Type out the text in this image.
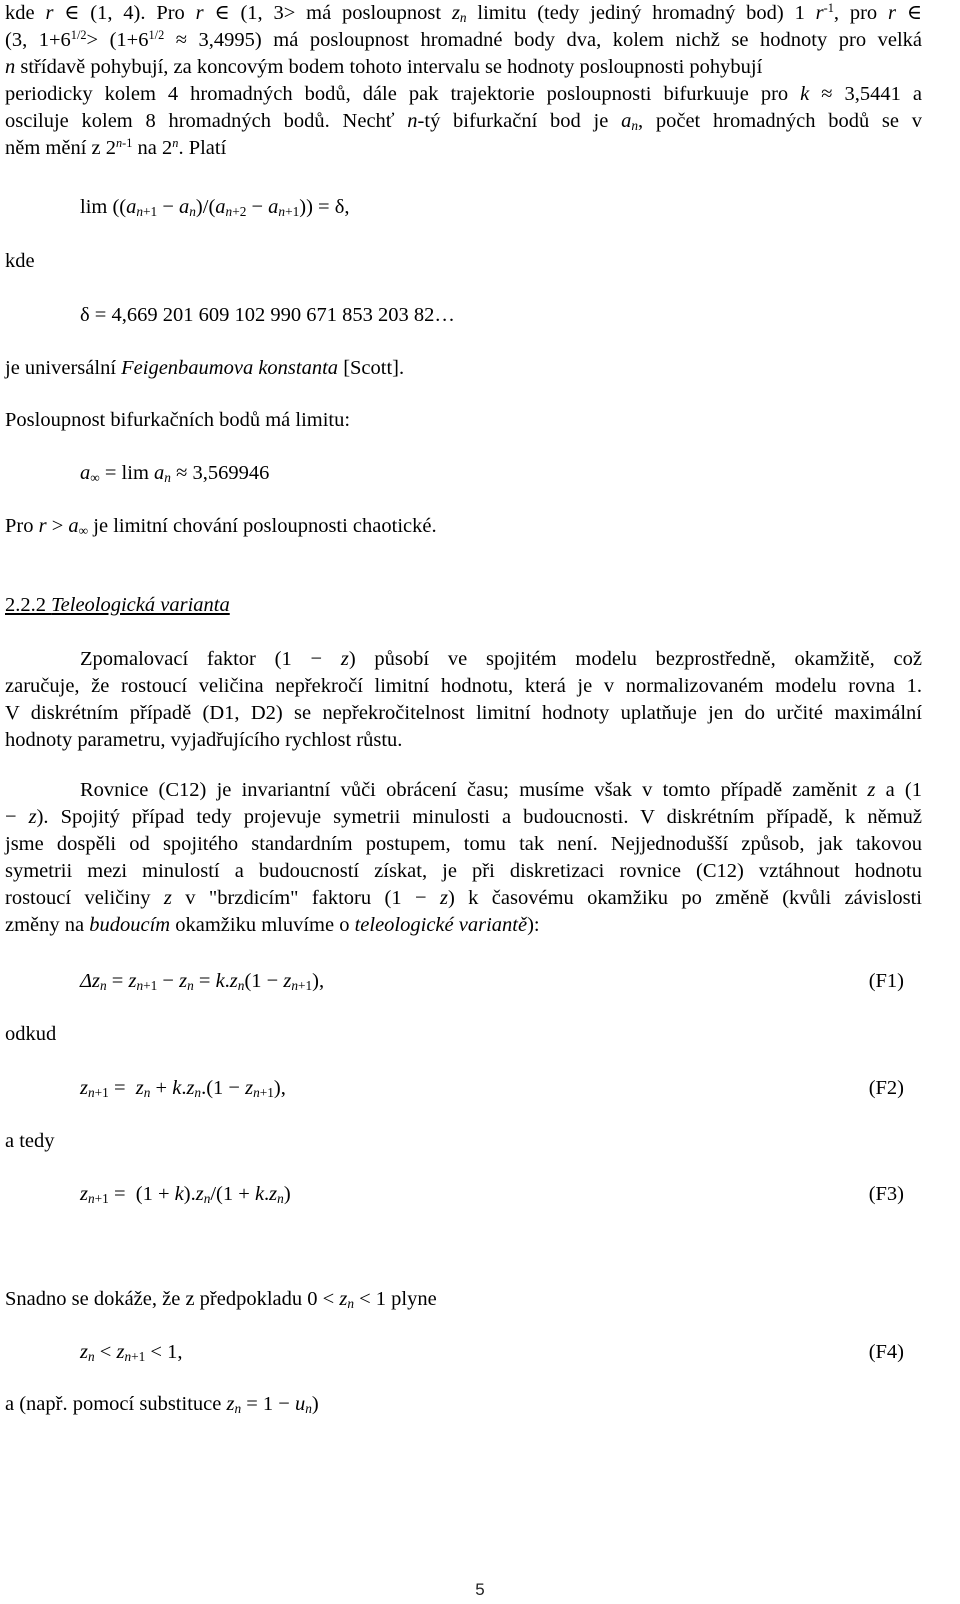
kde r ∈ (1, 4). Pro r ∈ (1, 3> má posloupnost $z_n$ limitu (tedy jediný hromadný bod) 1 $r^{-1}$, pro r ∈
(3, $1+6^{1/2}> (1+6^{1/2} \approx 3,4995)$ má posloupnost hromadné body dva, kolem nichž se hodnoty pro velká
n střídavě pohybují, za koncovým bodem tohoto intervalu se hodnoty posloupnosti pohybují
periodicky kolem 4 hromadných bodů, dále pak trajektorie posloupnosti bifurkuuje pro k ≈ 3,5441 a
osciluje kolem 8 hromadných bodů. Nechť n-tý bifurkační bod je $a_n$, počet hromadných bodů se v
něm mění z 2$^{n-1}$ na 2$^n$. Platí
$\lim ((a_{n+1} - a_n)/(a_{n+2} - a_{n+1})) = \delta$,
kde
δ = 4,669 201 609 102 990 671 853 203 82…
je universální Feigenbaumova konstanta [Scott].
Posloupnost bifurkačních bodů má limitu:
$a_\infty = \lim a_n \approx 3,569946$
Pro $r > a_\infty$ je limitní chování posloupnosti chaotické.
2.2.2 Teleologická varianta
Zpomalovací faktor (1 − z) působí ve spojitém modelu bezprostředně, okamžitě, což
zaručuje, že rostoucí veličina nepřekročí limitní hodnotu, která je v normalizovaném modelu rovna 1.
V diskrétním případě (D1, D2) se nepřekročitelnost limitní hodnoty uplatňuje jen do určité maximální
hodnoty parametru, vyjadřujícího rychlost růstu.
Rovnice (C12) je invariantní vůči obrácení času; musíme však v tomto případě zaměnit z a (1
− z). Spojitý případ tedy projevuje symetrii minulosti a budoucnosti. V diskrétním případě, k němuž
jsme dospěli od spojitého standardním postupem, tomu tak není. Nejjednodušší způsob, jak takovou
symetrii mezi minulostí a budoucností získat, je při diskretizaci rovnice (C12) vztáhnout hodnotu
rostoucí veličiny z v "brzdicím" faktoru (1 − z) k časovému okamžiku po změně (kvůli závislosti
změny na budoucím okamžiku mluvíme o teleologické variantě):
$\Delta z_n = z_{n+1} - z_n = k.z_n(1 - z_{n+1})$,	(F1)
odkud
$z_{n+1} = z_n + k.z_n.(1 - z_{n+1})$,	(F2)
a tedy
$z_{n+1} = (1 + k).z_n/(1 + k.z_n)$	(F3)
Snadno se dokáže, že z předpokladu $0 < z_n < 1$ plyne
$z_n < z_{n+1} < 1$,	(F4)
a (např. pomocí substituce $z_n = 1 - u_n$)
5
